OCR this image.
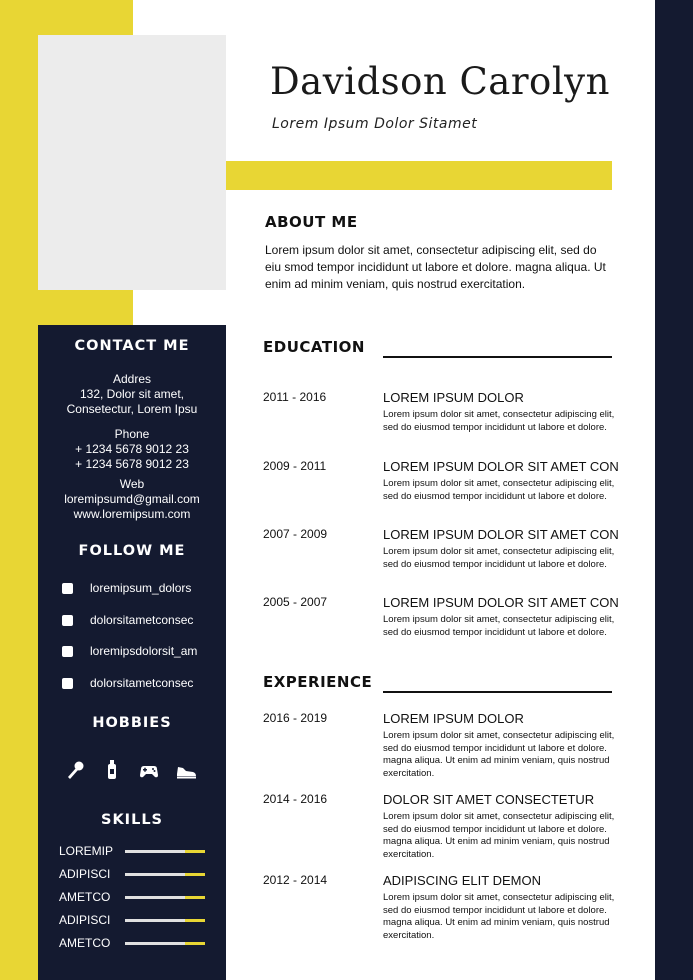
Davidson Carolyn
Lorem Ipsum Dolor Sitamet
ABOUT ME
Lorem ipsum dolor sit amet, consectetur adipiscing elit, sed do eiu smod tempor incididunt ut labore et dolore. magna aliqua. Ut enim ad minim veniam, quis nostrud exercitation.
CONTACT ME
Addres
132, Dolor sit amet,
Consetectur, Lorem Ipsu
Phone
+ 1234 5678 9012 23
+ 1234 5678 9012 23
Web
loremipsumd@gmail.com
www.loremipsum.com
FOLLOW ME
loremipsum_dolors
dolorsitametconsec
loremipsdolorsit_am
dolorsitametconsec
HOBBIES
SKILLS
LOREMIP
ADIPISCI
AMETCO
ADIPISCI
AMETCO
EDUCATION
2011 - 2016	LOREM IPSUM DOLOR
Lorem ipsum dolor sit amet, consectetur adipiscing elit, sed do eiusmod tempor incididunt ut labore et dolore.
2009 - 2011	LOREM IPSUM DOLOR SIT AMET CON
Lorem ipsum dolor sit amet, consectetur adipiscing elit, sed do eiusmod tempor incididunt ut labore et dolore.
2007 - 2009	LOREM IPSUM DOLOR SIT AMET CON
Lorem ipsum dolor sit amet, consectetur adipiscing elit, sed do eiusmod tempor incididunt ut labore et dolore.
2005 - 2007	LOREM IPSUM DOLOR SIT AMET CON
Lorem ipsum dolor sit amet, consectetur adipiscing elit, sed do eiusmod tempor incididunt ut labore et dolore.
EXPERIENCE
2016 - 2019	LOREM IPSUM DOLOR
Lorem ipsum dolor sit amet, consectetur adipiscing elit, sed do eiusmod tempor incididunt ut labore et dolore. magna aliqua. Ut enim ad minim veniam, quis nostrud exercitation.
2014 - 2016	DOLOR SIT AMET CONSECTETUR
Lorem ipsum dolor sit amet, consectetur adipiscing elit, sed do eiusmod tempor incididunt ut labore et dolore. magna aliqua. Ut enim ad minim veniam, quis nostrud exercitation.
2012 - 2014	ADIPISCING ELIT DEMON
Lorem ipsum dolor sit amet, consectetur adipiscing elit, sed do eiusmod tempor incididunt ut labore et dolore. magna aliqua. Ut enim ad minim veniam, quis nostrud exercitation.
